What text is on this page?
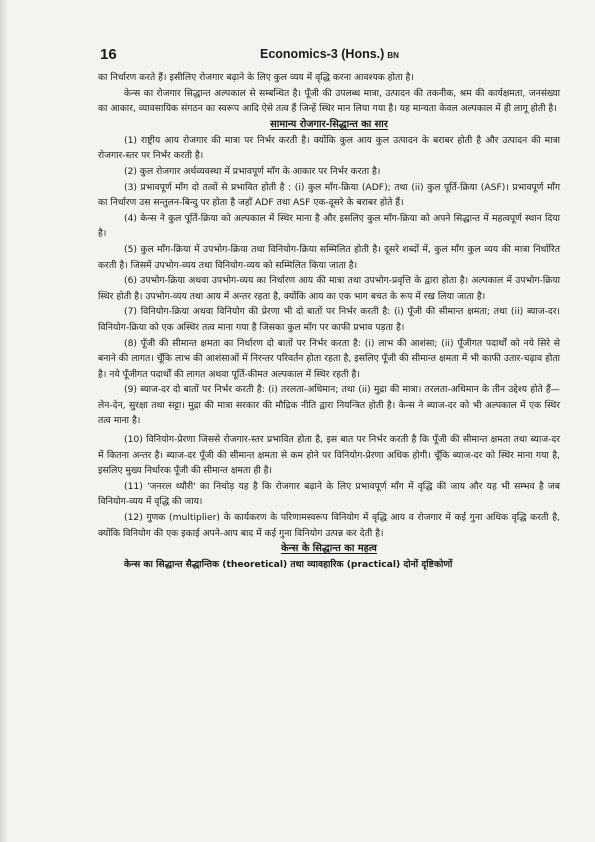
16	Economics-3 (Hons.) BN

का निर्धारण करते हैं। इसीलिए रोजगार बढ़ाने के लिए कुल व्यय में वृद्धि करना आवश्यक होता है।

केन्स का रोजगार सिद्धान्त अल्पकाल से सम्बन्धित है। पूँजी की उपलब्ध मात्रा, उत्पादन की तकनीक, श्रम की कार्यक्षमता, जनसंख्या का आकार, व्यावसायिक संगठन का स्वरूप आदि ऐसे तत्व हैं जिन्हें स्थिर मान लिया गया है। यह मान्यता केवल अल्पकाल में ही लागू होती है।

सामान्य रोजगार-सिद्धान्त का सार

(1) राष्ट्रीय आय रोजगार की मात्रा पर निर्भर करती है। क्योंकि कुल आय कुल उत्पादन के बराबर होती है और उत्पादन की मात्रा रोजगार-स्तर पर निर्भर करती है।

(2) कुल रोजगार अर्थव्यवस्था में प्रभावपूर्ण माँग के आकार पर निर्भर करता है।

(3) प्रभावपूर्ण माँग दो तत्वों से प्रभावित होती है : (i) कुल माँग-क्रिया (ADF); तथा (ii) कुल पूर्ति-क्रिया (ASF)। प्रभावपूर्ण माँग का निर्धारण उस सन्तुलन-बिन्दु पर होता है जहाँ ADF तथा ASF एक-दूसरे के बराबर होते हैं।

(4) केन्स ने कुल पूर्ति-क्रिया को अल्पकाल में स्थिर माना है और इसलिए कुल माँग-क्रिया को अपने सिद्धान्त में महत्वपूर्ण स्थान दिया है।

(5) कुल माँग-क्रिया में उपभोग-क्रिया तथा विनियोग-क्रिया सम्मिलित होती है। दूसरे शब्दों में, कुल माँग कुल व्यय की मात्रा निर्धारित करती है। जिसमें उपभोग-व्यय तथा विनियोग-व्यय को सम्मिलित किया जाता है।

(6) उपभोग-क्रिया अथवा उपभोग-व्यय का निर्धारण आय की मात्रा तथा उपभोग-प्रवृत्ति के द्वारा होता है। अल्पकाल में उपभोग-क्रिया स्थिर होती है। उपभोग-व्यय तथा आय में अन्तर रहता है, क्योंकि आय का एक भाग बचत के रूप में रख लिया जाता है।

(7) विनियोग-क्रिया अथवा विनियोग की प्रेरणा भी दो बातों पर निर्भर करती है: (i) पूँजी की सीमान्त क्षमता; तथा (ii) ब्याज-दर। विनियोग-क्रिया को एक अस्थिर तत्व माना गया है जिसका कुल माँग पर काफी प्रभाव पड़ता है।

(8) पूँजी की सीमान्त क्षमता का निर्धारण दो बातों पर निर्भर करता है: (i) लाभ की आशंसा; (ii) पूँजीगत पदार्थों को नये सिरे से बनाने की लागत। चूँकि लाभ की आशंसाओं में निरन्तर परिवर्तन होता रहता है, इसलिए पूँजी की सीमान्त क्षमता में भी काफी उतार-चढ़ाव होता है। नये पूँजीगत पदार्थों की लागत अथवा पूर्ति-कीमत अल्पकाल में स्थिर रहती है।

(9) ब्याज-दर दो बातों पर निर्भर करती है: (i) तरलता-अधिमान; तथा (ii) मुद्रा की मात्रा। तरलता-अधिमान के तीन उद्देश्य होते हैं—लेन-देन, सुरक्षा तथा सट्टा। मुद्रा की मात्रा सरकार की मौद्रिक नीति द्वारा नियन्त्रित होती है। केन्स ने ब्याज-दर को भी अल्पकाल में एक स्थिर तत्व माना है।

(10) विनियोग-प्रेरणा जिससे रोजगार-स्तर प्रभावित होता है, इस बात पर निर्भर करती है कि पूँजी की सीमान्त क्षमता तथा ब्याज-दर में कितना अन्तर है। ब्याज-दर पूँजी की सीमान्त क्षमता से कम होने पर विनियोग-प्रेरणा अधिक होगी। चूँकि ब्याज-दर को स्थिर माना गया है, इसलिए मुख्य निर्धारक पूँजी की सीमान्त क्षमता ही है।

(11) 'जनरल थ्यौरी' का निचोड़ यह है कि रोजगार बढ़ाने के लिए प्रभावपूर्ण माँग में वृद्धि की जाय और यह भी सम्भव है जब विनियोग-व्यय में वृद्धि की जाय।

(12) गुणक (multiplier) के कार्यकरण के परिणामस्वरूप विनियोग में वृद्धि आय व रोजगार में कई गुना अधिक वृद्धि करती है, क्योंकि विनियोग की एक इकाई अपने-आप बाद में कई गुना विनियोग उत्पन्न कर देती है।

केन्स के सिद्धान्त का महत्व

केन्स का सिद्धान्त सैद्धान्तिक (theoretical) तथा व्यावहारिक (practical) दोनों दृष्टिकोणों
